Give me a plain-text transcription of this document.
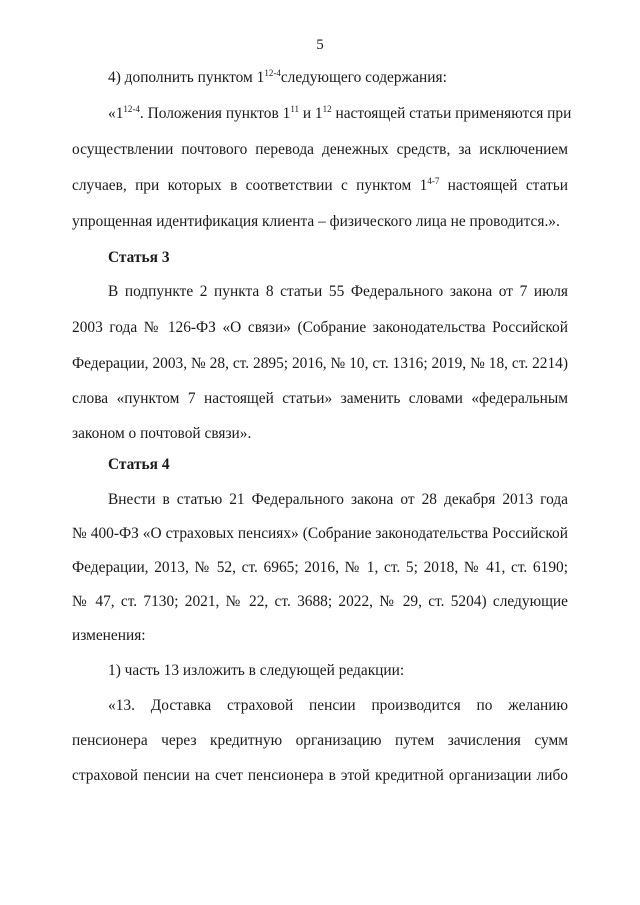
5
4) дополнить пунктом 1$^{12-4}$следующего содержания:
«1$^{12-4}$. Положения пунктов $1^{11}$ и $1^{12}$ настоящей статьи применяются при
осуществлении почтового перевода денежных средств, за исключением
случаев, при которых в соответствии с пунктом 1$^{4-7}$ настоящей статьи
упрощенная идентификация клиента – физического лица не проводится.».
Статья 3
В подпункте 2 пункта 8 статьи 55 Федерального закона от 7 июля
2003 года № 126-ФЗ «О связи» (Собрание законодательства Российской
Федерации, 2003, № 28, ст. 2895; 2016, № 10, ст. 1316; 2019, № 18, ст. 2214)
слова «пунктом 7 настоящей статьи» заменить словами «федеральным
законом о почтовой связи».
Статья 4
Внести в статью 21 Федерального закона от 28 декабря 2013 года
№ 400-ФЗ «О страховых пенсиях» (Собрание законодательства Российской
Федерации, 2013, № 52, ст. 6965; 2016, № 1, ст. 5; 2018, № 41, ст. 6190;
№ 47, ст. 7130; 2021, № 22, ст. 3688; 2022, № 29, ст. 5204) следующие
изменения:
1) часть 13 изложить в следующей редакции:
«13. Доставка страховой пенсии производится по желанию
пенсионера через кредитную организацию путем зачисления сумм
страховой пенсии на счет пенсионера в этой кредитной организации либо
